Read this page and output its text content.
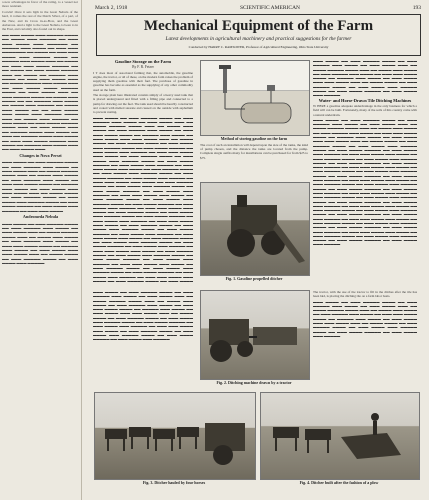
a new advantages in favor of the rating, to a vessel not more resistant.

Corwin! Once it sets ligth in the Great Nebula of the hard, it comes the rest of the Dutch Silver, of a part, of the New, and its Cross in-as-Bow, and the Great Auberous. And a light to the Great Nebula, is been to in the East, and certainly also found out in shape.

▬▬ ▬▬▬ ▬▬▬▬ ▬▬▬ ▬▬▬▬▬ ▬▬▬▬ ▬▬ ▬▬▬▬ ▬▬▬ ▬▬▬▬▬ ▬▬ ▬▬▬ ▬▬▬ ▬▬▬▬ ▬▬▬ ▬▬▬▬▬▬ ▬▬ ▬▬▬▬▬ ▬▬▬ ▬▬▬▬ ▬▬ ▬▬▬ ▬▬▬ ▬▬▬▬▬▬▬ ▬▬ ▬▬▬▬ ▬▬ ▬▬▬ ▬▬▬ ▬▬▬▬ ▬▬▬ ▬▬▬▬▬ ▬▬▬▬ ▬▬ ▬▬▬▬▬ ▬▬▬ ▬▬▬▬ ▬▬▬ ▬▬ ▬▬▬▬ ▬▬ ▬▬▬ ▬▬▬ ▬▬▬▬ ▬▬▬▬▬ ▬▬ ▬▬ ▬▬▬▬ ▬▬ ▬▬▬ ▬▬▬▬ ▬▬▬▬▬ ▬▬▬ ▬▬ ▬▬▬▬ ▬▬ ▬▬▬▬▬ ▬▬▬ ▬▬▬▬ ▬▬ ▬▬▬ ▬▬▬ ▬▬▬▬ ▬▬▬ ▬▬ ▬▬▬▬ ▬▬▬▬▬ ▬▬▬ ▬▬▬▬ ▬▬▬ ▬▬ ▬▬▬ ▬▬▬▬ ▬▬▬▬ ▬▬▬▬▬ ▬▬▬▬ ▬▬ ▬▬▬ ▬▬▬▬ ▬▬▬ ▬▬ ▬▬▬ ▬▬▬▬▬ ▬▬▬▬ ▬▬ ▬▬▬▬ ▬▬▬ ▬▬▬▬ ▬▬ ▬▬ ▬▬▬▬▬ ▬▬▬ ▬▬▬▬ ▬▬ ▬▬▬▬ ▬▬▬ ▬▬▬▬▬ ▬▬ ▬▬▬▬ ▬▬▬ ▬▬▬▬ ▬▬ ▬▬ ▬▬▬ ▬▬▬▬ ▬▬▬ ▬▬▬▬ ▬▬▬ ▬▬▬▬▬ ▬▬▬▬ ▬▬▬ ▬▬ ▬▬▬▬ ▬▬▬ ▬▬▬▬▬ ▬▬ ▬▬▬ ▬▬▬▬ ▬▬ ▬▬▬ ▬▬▬▬ ▬▬▬▬▬ ▬▬▬▬ ▬▬▬ ▬▬ ▬▬▬ ▬▬▬▬ ▬▬▬ ▬▬ ▬▬▬▬▬ ▬▬▬▬ ▬▬▬ ▬▬▬▬ ▬▬ ▬▬▬ ▬▬ ▬▬▬▬▬ ▬▬▬▬ ▬▬▬ ▬▬▬▬ ▬▬ ▬▬▬ ▬▬▬ ▬▬▬▬ ▬▬▬▬▬ ▬▬▬ ▬▬▬▬ ▬▬ ▬▬▬▬▬ ▬▬▬ ▬▬▬▬ ▬▬▬ ▬▬ ▬▬▬ ▬▬▬▬ ▬▬▬

Changes in Nova Persei

▬▬▬ ▬▬▬▬ ▬▬ ▬▬▬ ▬▬▬▬▬ ▬▬▬▬ ▬▬ ▬▬▬ ▬▬▬▬▬ ▬▬▬ ▬▬▬▬ ▬▬ ▬▬▬ ▬▬▬▬ ▬▬▬ ▬▬ ▬▬▬▬ ▬▬▬▬▬ ▬▬▬▬ ▬▬▬ ▬▬ ▬▬▬▬ ▬▬▬ ▬▬▬▬ ▬▬ ▬▬▬ ▬▬▬▬▬ ▬▬▬ ▬▬▬▬ ▬▬ ▬▬▬ ▬▬▬ ▬▬▬▬ ▬▬▬▬ ▬▬ ▬▬▬▬▬ ▬▬▬ ▬▬▬▬ ▬▬ ▬▬▬ ▬▬▬▬ ▬▬▬ ▬▬▬ ▬▬▬▬ ▬▬▬ ▬▬ ▬▬▬▬ ▬▬▬▬ ▬▬ ▬▬▬ ▬▬▬▬▬ ▬▬▬▬ ▬▬ ▬▬▬ ▬▬▬▬ ▬▬▬ ▬▬▬▬▬ ▬▬▬▬ ▬▬ ▬▬▬ ▬▬▬▬ ▬▬▬▬▬ ▬▬ ▬▬▬ ▬▬▬▬ ▬▬▬ ▬▬▬▬▬ ▬▬ ▬▬▬ ▬▬▬ ▬▬▬▬

Andromeda Nebula

▬▬▬ ▬▬▬▬ ▬▬ ▬▬▬ ▬▬▬▬▬ ▬▬▬▬ ▬▬ ▬▬▬ ▬▬▬▬▬ ▬▬▬ ▬▬▬▬ ▬▬ ▬▬▬ ▬▬▬▬ ▬▬▬ ▬▬ ▬▬▬▬ ▬▬▬▬▬ ▬▬▬▬ ▬▬▬ ▬▬ ▬▬▬▬ ▬▬▬ ▬▬▬▬ ▬▬ ▬▬▬ ▬▬▬▬▬ ▬▬▬ ▬▬▬▬ ▬▬ ▬▬▬ ▬▬▬ ▬▬▬▬ ▬▬▬▬ ▬▬ ▬▬▬▬▬ ▬▬▬ ▬▬▬▬ ▬▬ ▬▬▬ ▬▬▬▬ ▬▬▬ ▬▬▬ ▬▬▬▬ ▬▬▬ ▬▬ ▬▬▬▬ ▬▬▬▬ ▬▬ ▬▬▬ ▬▬▬▬▬ ▬▬▬▬ ▬▬ ▬▬▬ ▬▬▬▬ ▬▬▬ ▬▬▬▬▬

March 2, 1918	SCIENTIFIC AMERICAN	193
Mechanical Equipment of the Farm
Latest developments in agricultural machinery and practical suggestions for the farmer
Conducted by HARRY C. RAMSOWER, Professor of Agricultural Engineering, Ohio State University
Gasoline Storage on the Farm
By F. R. Fetzer

I T does most of associated farming that, the automobile, the gasoline engine, the tractor, or all of these, on the modern farm raises the problem of supplying them gasoline with their fuel. The purchase of gasoline in gasoline has become as essential as the supplying of any other commodity used on the farm.

The storage plant here illustrated consists simply of a heavy steel tank that is placed underground and fitted with a filling pipe and connected to a pump for drawing out the fuel. The tank used should be heavily constructed and coated with melted stearate and caused on the outside with asphaltum to prevent rusting.

▬▬▬ ▬▬▬▬ ▬▬ ▬▬▬ ▬▬▬▬▬ ▬▬▬▬ ▬▬ ▬▬▬ ▬▬▬▬▬ ▬▬▬ ▬▬▬▬ ▬▬ ▬▬▬ ▬▬▬▬ ▬▬▬ ▬▬ ▬▬▬▬ ▬▬▬▬▬ ▬▬▬▬ ▬▬▬ ▬▬ ▬▬▬▬ ▬▬▬ ▬▬▬▬ ▬▬ ▬▬▬ ▬▬▬▬▬ ▬▬▬ ▬▬▬▬ ▬▬ ▬▬▬ ▬▬▬ ▬▬▬▬ ▬▬▬▬ ▬▬ ▬▬▬▬▬ ▬▬▬ ▬▬▬▬ ▬▬ ▬▬▬ ▬▬▬▬ ▬▬▬ ▬▬▬ ▬▬▬▬ ▬▬▬ ▬▬ ▬▬▬▬ ▬▬▬▬ ▬▬ ▬▬▬ ▬▬▬▬▬ ▬▬▬▬ ▬▬ ▬▬▬ ▬▬▬▬ ▬▬▬ ▬▬▬▬▬ ▬▬▬▬ ▬▬ ▬▬▬ ▬▬▬▬ ▬▬▬▬▬ ▬▬ ▬▬▬ ▬▬▬▬ ▬▬▬ ▬▬▬▬▬ ▬▬ ▬▬▬ ▬▬▬ ▬▬▬▬ ▬▬▬ ▬▬▬▬ ▬▬ ▬▬▬ ▬▬▬▬▬ ▬▬▬▬ ▬▬ ▬▬▬ ▬▬▬▬ ▬▬▬ ▬▬▬▬▬ ▬▬▬▬ ▬▬ ▬▬▬ ▬▬▬▬ ▬▬▬▬▬ ▬▬ ▬▬▬ ▬▬▬▬ ▬▬▬ ▬▬▬▬▬ ▬▬ ▬▬▬ ▬▬▬ ▬▬▬▬ ▬▬▬ ▬▬▬▬ ▬▬ ▬▬▬ ▬▬▬▬▬ ▬▬▬▬ ▬▬ ▬▬▬ ▬▬▬▬ ▬▬▬ ▬▬▬▬▬ ▬▬▬▬ ▬▬ ▬▬▬ ▬▬▬▬ ▬▬▬▬▬ ▬▬ ▬▬▬ ▬▬▬▬ ▬▬▬ ▬▬▬▬▬ ▬▬ ▬▬▬ ▬▬▬ ▬▬▬▬ ▬▬▬ ▬▬▬▬ ▬▬ ▬▬▬ ▬▬▬▬▬ ▬▬▬▬ ▬▬ ▬▬▬ ▬▬▬▬ ▬▬▬ ▬▬▬▬▬ ▬▬▬▬ ▬▬ ▬▬▬ ▬▬▬▬ ▬▬▬▬▬ ▬▬ ▬▬▬ ▬▬▬▬ ▬▬▬ ▬▬▬▬▬ ▬▬ ▬▬▬ ▬▬▬ ▬▬▬▬ ▬▬▬ ▬▬▬▬ ▬▬ ▬▬▬ ▬▬▬▬▬ ▬▬▬▬ ▬▬ ▬▬▬ ▬▬▬▬ ▬▬▬ ▬▬▬▬▬ ▬▬▬▬ ▬▬ ▬▬▬ ▬▬▬▬ ▬▬▬▬▬ ▬▬ ▬▬▬ ▬▬▬▬ ▬▬▬ ▬▬▬▬▬ ▬▬ ▬▬▬ ▬▬▬ ▬▬▬▬ ▬▬▬ ▬▬▬▬ ▬▬ ▬▬▬ ▬▬▬▬▬ ▬▬▬▬ ▬▬ ▬▬▬ ▬▬▬▬ ▬▬▬ ▬▬▬▬▬ ▬▬▬▬ ▬▬ ▬▬▬ ▬▬▬▬ ▬▬▬▬▬ ▬▬ ▬▬▬ ▬▬▬▬ ▬▬▬ ▬▬▬▬▬ ▬▬ ▬▬▬ ▬▬▬ ▬▬▬▬ ▬▬▬ ▬▬▬▬ ▬▬ ▬▬▬ ▬▬▬▬▬ ▬▬▬▬ ▬▬ ▬▬▬ ▬▬▬▬ ▬▬▬ ▬▬▬▬▬ ▬▬▬▬ ▬▬ ▬▬▬ ▬▬▬▬ ▬▬▬▬▬ ▬▬ ▬▬▬ ▬▬▬▬ ▬▬▬ ▬▬▬▬▬ ▬▬ ▬▬▬ ▬▬▬ ▬▬▬▬ ▬▬▬ ▬▬▬▬ ▬▬ ▬▬▬ ▬▬▬▬▬ ▬▬▬▬ ▬▬ ▬▬▬ ▬▬▬▬ ▬▬▬ ▬▬▬▬▬ ▬▬▬▬ ▬▬ ▬▬▬ ▬▬▬▬ ▬▬▬▬▬ ▬▬ ▬▬▬ ▬▬▬▬ ▬▬▬ ▬▬▬▬▬ ▬▬ ▬▬▬ ▬▬▬ ▬▬▬▬ ▬▬▬ ▬▬▬▬ ▬▬ ▬▬▬ ▬▬▬▬▬ ▬▬▬▬ ▬▬ ▬▬▬ ▬▬▬▬ ▬▬▬ ▬▬▬▬▬ ▬▬▬▬ ▬▬ ▬▬▬ ▬▬▬▬ ▬▬▬▬▬ ▬▬ ▬▬▬ ▬▬▬▬ ▬▬▬ ▬▬▬▬▬ ▬▬ ▬▬▬ ▬▬▬ ▬▬▬▬ ▬▬▬ ▬▬▬▬ ▬▬ ▬▬▬ ▬▬▬▬▬ ▬▬▬▬ ▬▬ ▬▬▬ ▬▬▬▬ ▬▬▬ ▬▬▬▬▬ ▬▬▬▬ ▬▬ ▬▬▬ ▬▬▬▬ ▬▬▬▬▬ ▬▬ ▬▬▬ ▬▬▬▬ ▬▬▬ ▬▬▬▬▬ ▬▬ ▬▬▬ ▬▬▬ ▬▬▬▬ ▬▬▬ ▬▬▬▬ ▬▬ ▬▬▬ ▬▬▬▬▬ ▬▬▬▬ ▬▬ ▬▬▬ ▬▬▬▬

Method of storing gasoline on the farm
The cost of such an installation will depend upon the size of the tanks, the kind of pump chosen, and the distance the tanks are located from the pump. Complete single outfits many for installations can be purchased for from $25 to $75.

▬▬▬ ▬▬▬▬ ▬▬ ▬▬▬ ▬▬▬▬▬ ▬▬▬▬ ▬▬ ▬▬▬ ▬▬▬▬▬ ▬▬▬ ▬▬▬▬ ▬▬ ▬▬▬ ▬▬▬▬ ▬▬▬ ▬▬ ▬▬▬▬ ▬▬▬▬▬ ▬▬▬▬ ▬▬▬ ▬▬ ▬▬▬▬ ▬▬▬ ▬▬▬▬ ▬▬ ▬▬▬ ▬▬▬▬▬ ▬▬▬ ▬▬▬▬ ▬▬ ▬▬▬ ▬▬▬ ▬▬▬▬ ▬▬▬▬ ▬▬ ▬▬▬▬▬ ▬▬▬ ▬▬▬▬ ▬▬ ▬▬▬ ▬▬▬▬ ▬▬▬ ▬▬▬ ▬▬▬▬ ▬▬▬ ▬▬ ▬▬▬▬ ▬▬▬▬ ▬▬ ▬▬▬ ▬▬▬▬▬ ▬▬▬▬ ▬▬ ▬▬▬ ▬▬▬▬ ▬▬▬ ▬▬▬▬▬ ▬▬▬▬ ▬▬ ▬▬▬ ▬▬▬▬ ▬▬▬▬▬ ▬▬ ▬▬▬ ▬▬▬▬ ▬▬▬ ▬▬▬▬▬

Water- and Horse-Drawn Tile Ditching Machines

W HERE a gasoline adequate underdrainage in the only business for which a field will can be built. Fortunately, many of the soils of this country come with a natural underdrain.

▬▬▬ ▬▬▬▬ ▬▬ ▬▬▬ ▬▬▬▬▬ ▬▬▬▬ ▬▬ ▬▬▬ ▬▬▬▬▬ ▬▬▬ ▬▬▬▬ ▬▬ ▬▬▬ ▬▬▬▬ ▬▬▬ ▬▬ ▬▬▬▬ ▬▬▬▬▬ ▬▬▬▬ ▬▬▬ ▬▬ ▬▬▬▬ ▬▬▬ ▬▬▬▬ ▬▬ ▬▬▬ ▬▬▬▬▬ ▬▬▬ ▬▬▬▬ ▬▬ ▬▬▬ ▬▬▬ ▬▬▬▬ ▬▬▬▬ ▬▬ ▬▬▬▬▬ ▬▬▬ ▬▬▬▬ ▬▬ ▬▬▬ ▬▬▬▬ ▬▬▬ ▬▬▬ ▬▬▬▬ ▬▬▬ ▬▬ ▬▬▬▬ ▬▬▬▬ ▬▬ ▬▬▬ ▬▬▬▬▬ ▬▬▬▬ ▬▬ ▬▬▬ ▬▬▬▬ ▬▬▬ ▬▬▬▬▬ ▬▬▬▬ ▬▬ ▬▬▬ ▬▬▬▬ ▬▬▬▬▬ ▬▬ ▬▬▬ ▬▬▬▬ ▬▬▬ ▬▬▬▬▬ ▬▬ ▬▬▬ ▬▬▬ ▬▬▬▬ ▬▬▬ ▬▬▬▬ ▬▬ ▬▬▬ ▬▬▬▬▬ ▬▬▬▬ ▬▬ ▬▬▬ ▬▬▬▬ ▬▬▬ ▬▬▬▬▬ ▬▬▬▬ ▬▬ ▬▬▬ ▬▬▬▬ ▬▬▬▬▬ ▬▬ ▬▬▬ ▬▬▬▬ ▬▬▬ ▬▬▬▬▬ ▬▬ ▬▬▬ ▬▬▬ ▬▬▬▬ ▬▬▬ ▬▬▬▬ ▬▬ ▬▬▬ ▬▬▬▬▬ ▬▬▬▬ ▬▬ ▬▬▬ ▬▬▬▬ ▬▬▬ ▬▬▬▬▬ ▬▬▬▬ ▬▬ ▬▬▬ ▬▬▬▬ ▬▬▬▬▬ ▬▬ ▬▬▬ ▬▬▬▬ ▬▬▬ ▬▬▬▬▬ ▬▬ ▬▬▬ ▬▬▬ ▬▬▬▬ ▬▬▬ ▬▬▬▬ ▬▬ ▬▬▬ ▬▬▬▬▬ ▬▬▬▬ ▬▬ ▬▬▬ ▬▬▬▬ ▬▬▬ ▬▬▬▬▬ ▬▬▬▬ ▬▬ ▬▬▬ ▬▬▬▬ ▬▬▬▬▬ ▬▬ ▬▬▬ ▬▬▬▬ ▬▬▬ ▬▬▬▬▬ ▬▬ ▬▬▬ ▬▬▬ ▬▬▬▬ ▬▬▬ ▬▬▬▬ ▬▬ ▬▬▬ ▬▬▬▬▬ ▬▬▬▬ ▬▬ ▬▬▬ ▬▬▬▬ ▬▬▬ ▬▬▬▬▬ ▬▬▬▬ ▬▬ ▬▬▬ ▬▬▬▬ ▬▬▬▬▬ ▬▬ ▬▬▬ ▬▬▬▬ ▬▬▬ ▬▬▬▬▬ ▬▬ ▬▬▬ ▬▬▬ ▬▬▬▬ ▬▬▬ ▬▬▬▬ ▬▬ ▬▬▬ ▬▬▬▬▬ ▬▬▬▬ ▬▬ ▬▬▬ ▬▬▬▬ ▬▬▬ ▬▬▬▬▬ ▬▬▬▬ ▬▬ ▬▬▬ ▬▬▬▬ ▬▬▬▬▬ ▬▬ ▬▬▬ ▬▬▬▬ ▬▬▬ ▬▬▬▬▬ ▬▬ ▬▬▬ ▬▬▬ ▬▬▬▬ ▬▬▬ ▬▬▬▬ ▬▬ ▬▬▬ ▬▬▬▬▬ ▬▬▬▬ ▬▬ ▬▬▬ ▬▬▬▬ ▬▬▬ ▬▬▬▬▬ ▬▬▬▬ ▬▬ ▬▬▬ ▬▬▬▬ ▬▬▬▬▬ ▬▬ ▬▬▬ ▬▬▬▬ ▬▬▬ ▬▬▬▬▬ ▬▬ ▬▬▬ ▬▬▬ ▬▬▬▬ ▬▬▬ ▬▬▬▬ ▬▬ ▬▬▬ ▬▬▬▬▬ ▬▬▬▬ ▬▬ ▬▬▬ ▬▬▬▬ ▬▬▬ ▬▬▬▬▬ ▬▬▬▬ ▬▬ ▬▬▬ ▬▬▬▬ ▬▬▬▬▬ ▬▬ ▬▬▬ ▬▬▬▬ ▬▬▬ ▬▬▬▬▬

Fig. 1. Gasoline propelled ditcher

The tractor, with the use of the tractor to fill in the ditches after the tile has been laid, is placing the ditching tile on a farm labor basis.

▬▬▬ ▬▬▬▬ ▬▬ ▬▬▬ ▬▬▬▬▬ ▬▬▬▬ ▬▬ ▬▬▬ ▬▬▬▬▬ ▬▬▬ ▬▬▬▬ ▬▬ ▬▬▬ ▬▬▬▬ ▬▬▬ ▬▬ ▬▬▬▬ ▬▬▬▬▬ ▬▬▬▬ ▬▬▬ ▬▬ ▬▬▬▬ ▬▬▬ ▬▬▬▬ ▬▬ ▬▬▬ ▬▬▬▬▬ ▬▬▬ ▬▬▬▬ ▬▬ ▬▬▬ ▬▬▬ ▬▬▬▬ ▬▬▬▬ ▬▬ ▬▬▬▬▬ ▬▬▬ ▬▬▬▬ ▬▬ ▬▬▬ ▬▬▬▬ ▬▬▬ ▬▬▬ ▬▬▬▬ ▬▬▬ ▬▬ ▬▬▬▬ ▬▬▬▬ ▬▬ ▬▬▬ ▬▬▬▬▬ ▬▬▬▬ ▬▬ ▬▬▬ ▬▬▬▬ ▬▬▬ ▬▬▬▬▬ ▬▬▬▬ ▬▬ ▬▬▬ ▬▬▬▬ ▬▬▬▬▬ ▬▬ ▬▬▬ ▬▬▬▬ ▬▬▬ ▬▬▬▬▬

▬▬▬ ▬▬▬▬ ▬▬ ▬▬▬ ▬▬▬▬▬ ▬▬▬▬ ▬▬ ▬▬▬ ▬▬▬▬▬ ▬▬▬ ▬▬▬▬ ▬▬ ▬▬▬ ▬▬▬▬ ▬▬▬ ▬▬ ▬▬▬▬ ▬▬▬▬▬ ▬▬▬▬ ▬▬▬ ▬▬ ▬▬▬▬ ▬▬▬ ▬▬▬▬ ▬▬ ▬▬▬ ▬▬▬▬▬ ▬▬▬ ▬▬▬▬ ▬▬ ▬▬▬ ▬▬▬ ▬▬▬▬ ▬▬▬▬ ▬▬ ▬▬▬▬▬ ▬▬▬ ▬▬▬▬ ▬▬ ▬▬▬ ▬▬▬▬ ▬▬▬ ▬▬▬ ▬▬▬▬ ▬▬▬ ▬▬ ▬▬▬▬ ▬▬▬▬ ▬▬ ▬▬▬ ▬▬▬▬▬ ▬▬▬▬ ▬▬ ▬▬▬ ▬▬▬▬ ▬▬▬ ▬▬▬▬▬ ▬▬▬▬ ▬▬ ▬▬▬ ▬▬▬▬ ▬▬▬▬▬ ▬▬ ▬▬▬ ▬▬▬▬ ▬▬▬ ▬▬▬▬▬ ▬▬ ▬▬▬ ▬▬▬ ▬▬▬▬ ▬▬▬ ▬▬▬▬ ▬▬ ▬▬▬ ▬▬▬▬▬ ▬▬▬▬ ▬▬ ▬▬▬ ▬▬▬▬ ▬▬▬ ▬▬▬▬▬ ▬▬▬▬ ▬▬ ▬▬▬ ▬▬▬▬ ▬▬▬▬▬ ▬▬ ▬▬▬ ▬▬▬▬ ▬▬▬ ▬▬▬▬▬

Fig. 2. Ditching machine drawn by a tractor
Fig. 3. Ditcher hauled by four horses	Fig. 4. Ditcher built after the fashion of a plow
